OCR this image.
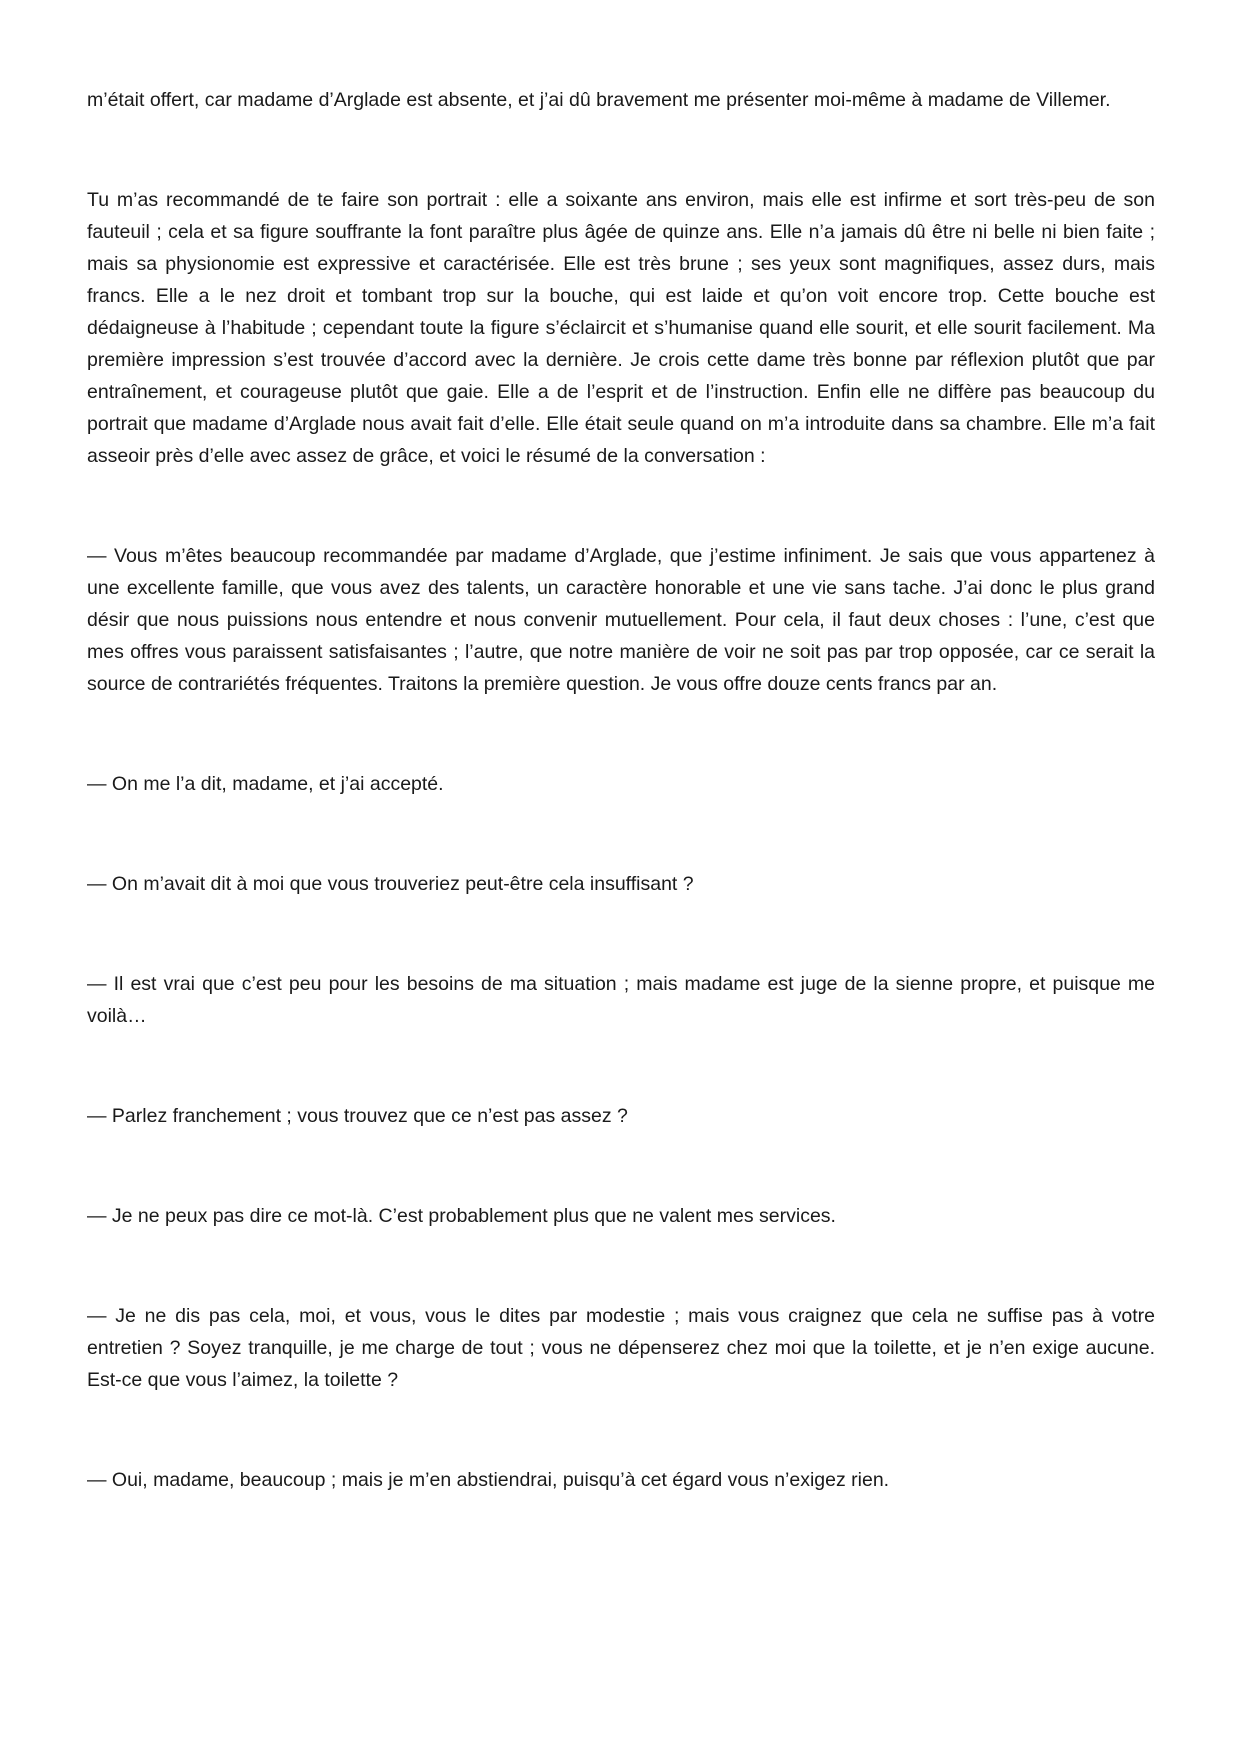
m’était offert, car madame d’Arglade est absente, et j’ai dû bravement me présenter moi-même à madame de Villemer.

Tu m’as recommandé de te faire son portrait : elle a soixante ans environ, mais elle est infirme et sort très-peu de son fauteuil ; cela et sa figure souffrante la font paraître plus âgée de quinze ans. Elle n’a jamais dû être ni belle ni bien faite ; mais sa physionomie est expressive et caractérisée. Elle est très brune ; ses yeux sont magnifiques, assez durs, mais francs. Elle a le nez droit et tombant trop sur la bouche, qui est laide et qu’on voit encore trop. Cette bouche est dédaigneuse à l’habitude ; cependant toute la figure s’éclaircit et s’humanise quand elle sourit, et elle sourit facilement. Ma première impression s’est trouvée d’accord avec la dernière. Je crois cette dame très bonne par réflexion plutôt que par entraînement, et courageuse plutôt que gaie. Elle a de l’esprit et de l’instruction. Enfin elle ne diffère pas beaucoup du portrait que madame d’Arglade nous avait fait d’elle. Elle était seule quand on m’a introduite dans sa chambre. Elle m’a fait asseoir près d’elle avec assez de grâce, et voici le résumé de la conversation :

— Vous m’êtes beaucoup recommandée par madame d’Arglade, que j’estime infiniment. Je sais que vous appartenez à une excellente famille, que vous avez des talents, un caractère honorable et une vie sans tache. J’ai donc le plus grand désir que nous puissions nous entendre et nous convenir mutuellement. Pour cela, il faut deux choses : l’une, c’est que mes offres vous paraissent satisfaisantes ; l’autre, que notre manière de voir ne soit pas par trop opposée, car ce serait la source de contrariétés fréquentes. Traitons la première question. Je vous offre douze cents francs par an.

— On me l’a dit, madame, et j’ai accepté.

— On m’avait dit à moi que vous trouveriez peut-être cela insuffisant ?

— Il est vrai que c’est peu pour les besoins de ma situation ; mais madame est juge de la sienne propre, et puisque me voilà…

— Parlez franchement ; vous trouvez que ce n’est pas assez ?

— Je ne peux pas dire ce mot-là. C’est probablement plus que ne valent mes services.

— Je ne dis pas cela, moi, et vous, vous le dites par modestie ; mais vous craignez que cela ne suffise pas à votre entretien ? Soyez tranquille, je me charge de tout ; vous ne dépenserez chez moi que la toilette, et je n’en exige aucune. Est-ce que vous l’aimez, la toilette ?

— Oui, madame, beaucoup ; mais je m’en abstiendrai, puisqu’à cet égard vous n’exigez rien.
